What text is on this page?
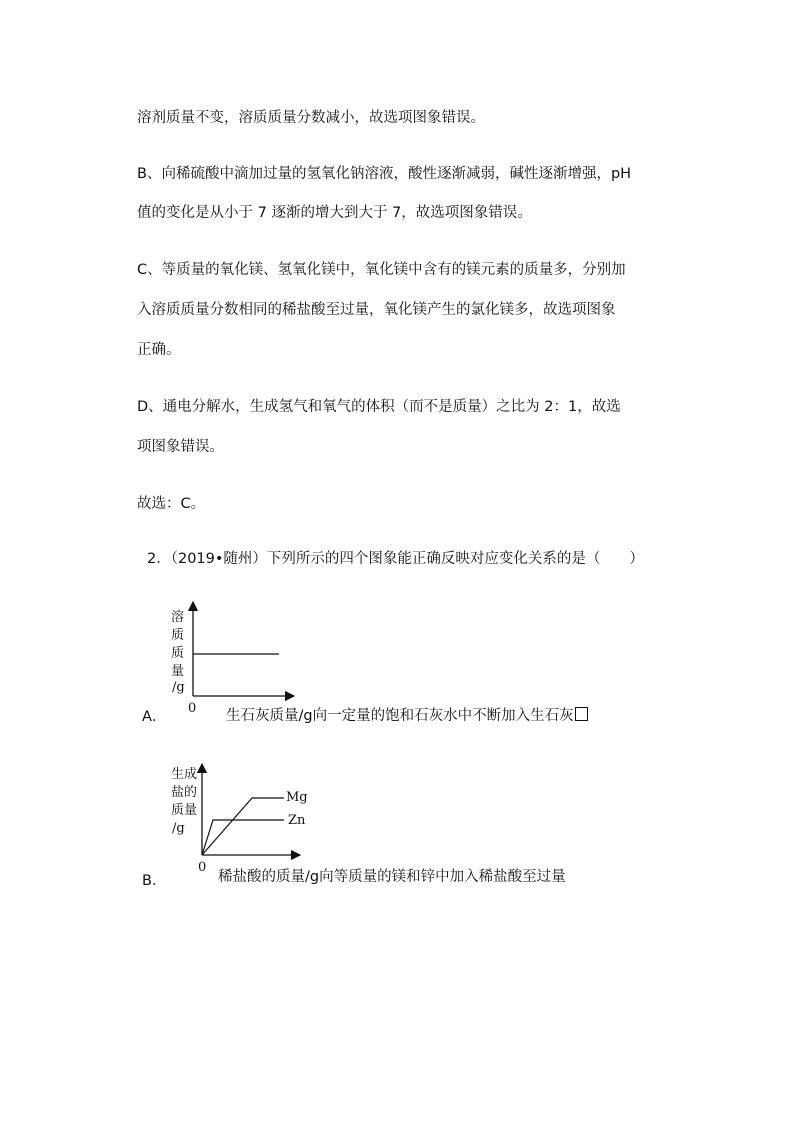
溶剂质量不变，溶质质量分数减小，故选项图象错误。
B、向稀硫酸中滴加过量的氢氧化钠溶液，酸性逐渐减弱，碱性逐渐增强，pH
值的变化是从小于 7 逐渐的增大到大于 7，故选项图象错误。
C、等质量的氧化镁、氢氧化镁中，氧化镁中含有的镁元素的质量多，分别加
入溶质质量分数相同的稀盐酸至过量，氧化镁产生的氯化镁多，故选项图象
正确。
D、通电分解水，生成氢气和氧气的体积（而不是质量）之比为 2：1，故选
项图象错误。
故选：C。
2．（2019•随州）下列所示的四个图象能正确反映对应变化关系的是（　　）
溶
质
质
量
/g
0
A．	生石灰质量/g向一定量的饱和石灰水中不断加入生石灰
生成
盐的
质量
/g
Mg
Zn
0
B．	稀盐酸的质量/g向等质量的镁和锌中加入稀盐酸至过量
